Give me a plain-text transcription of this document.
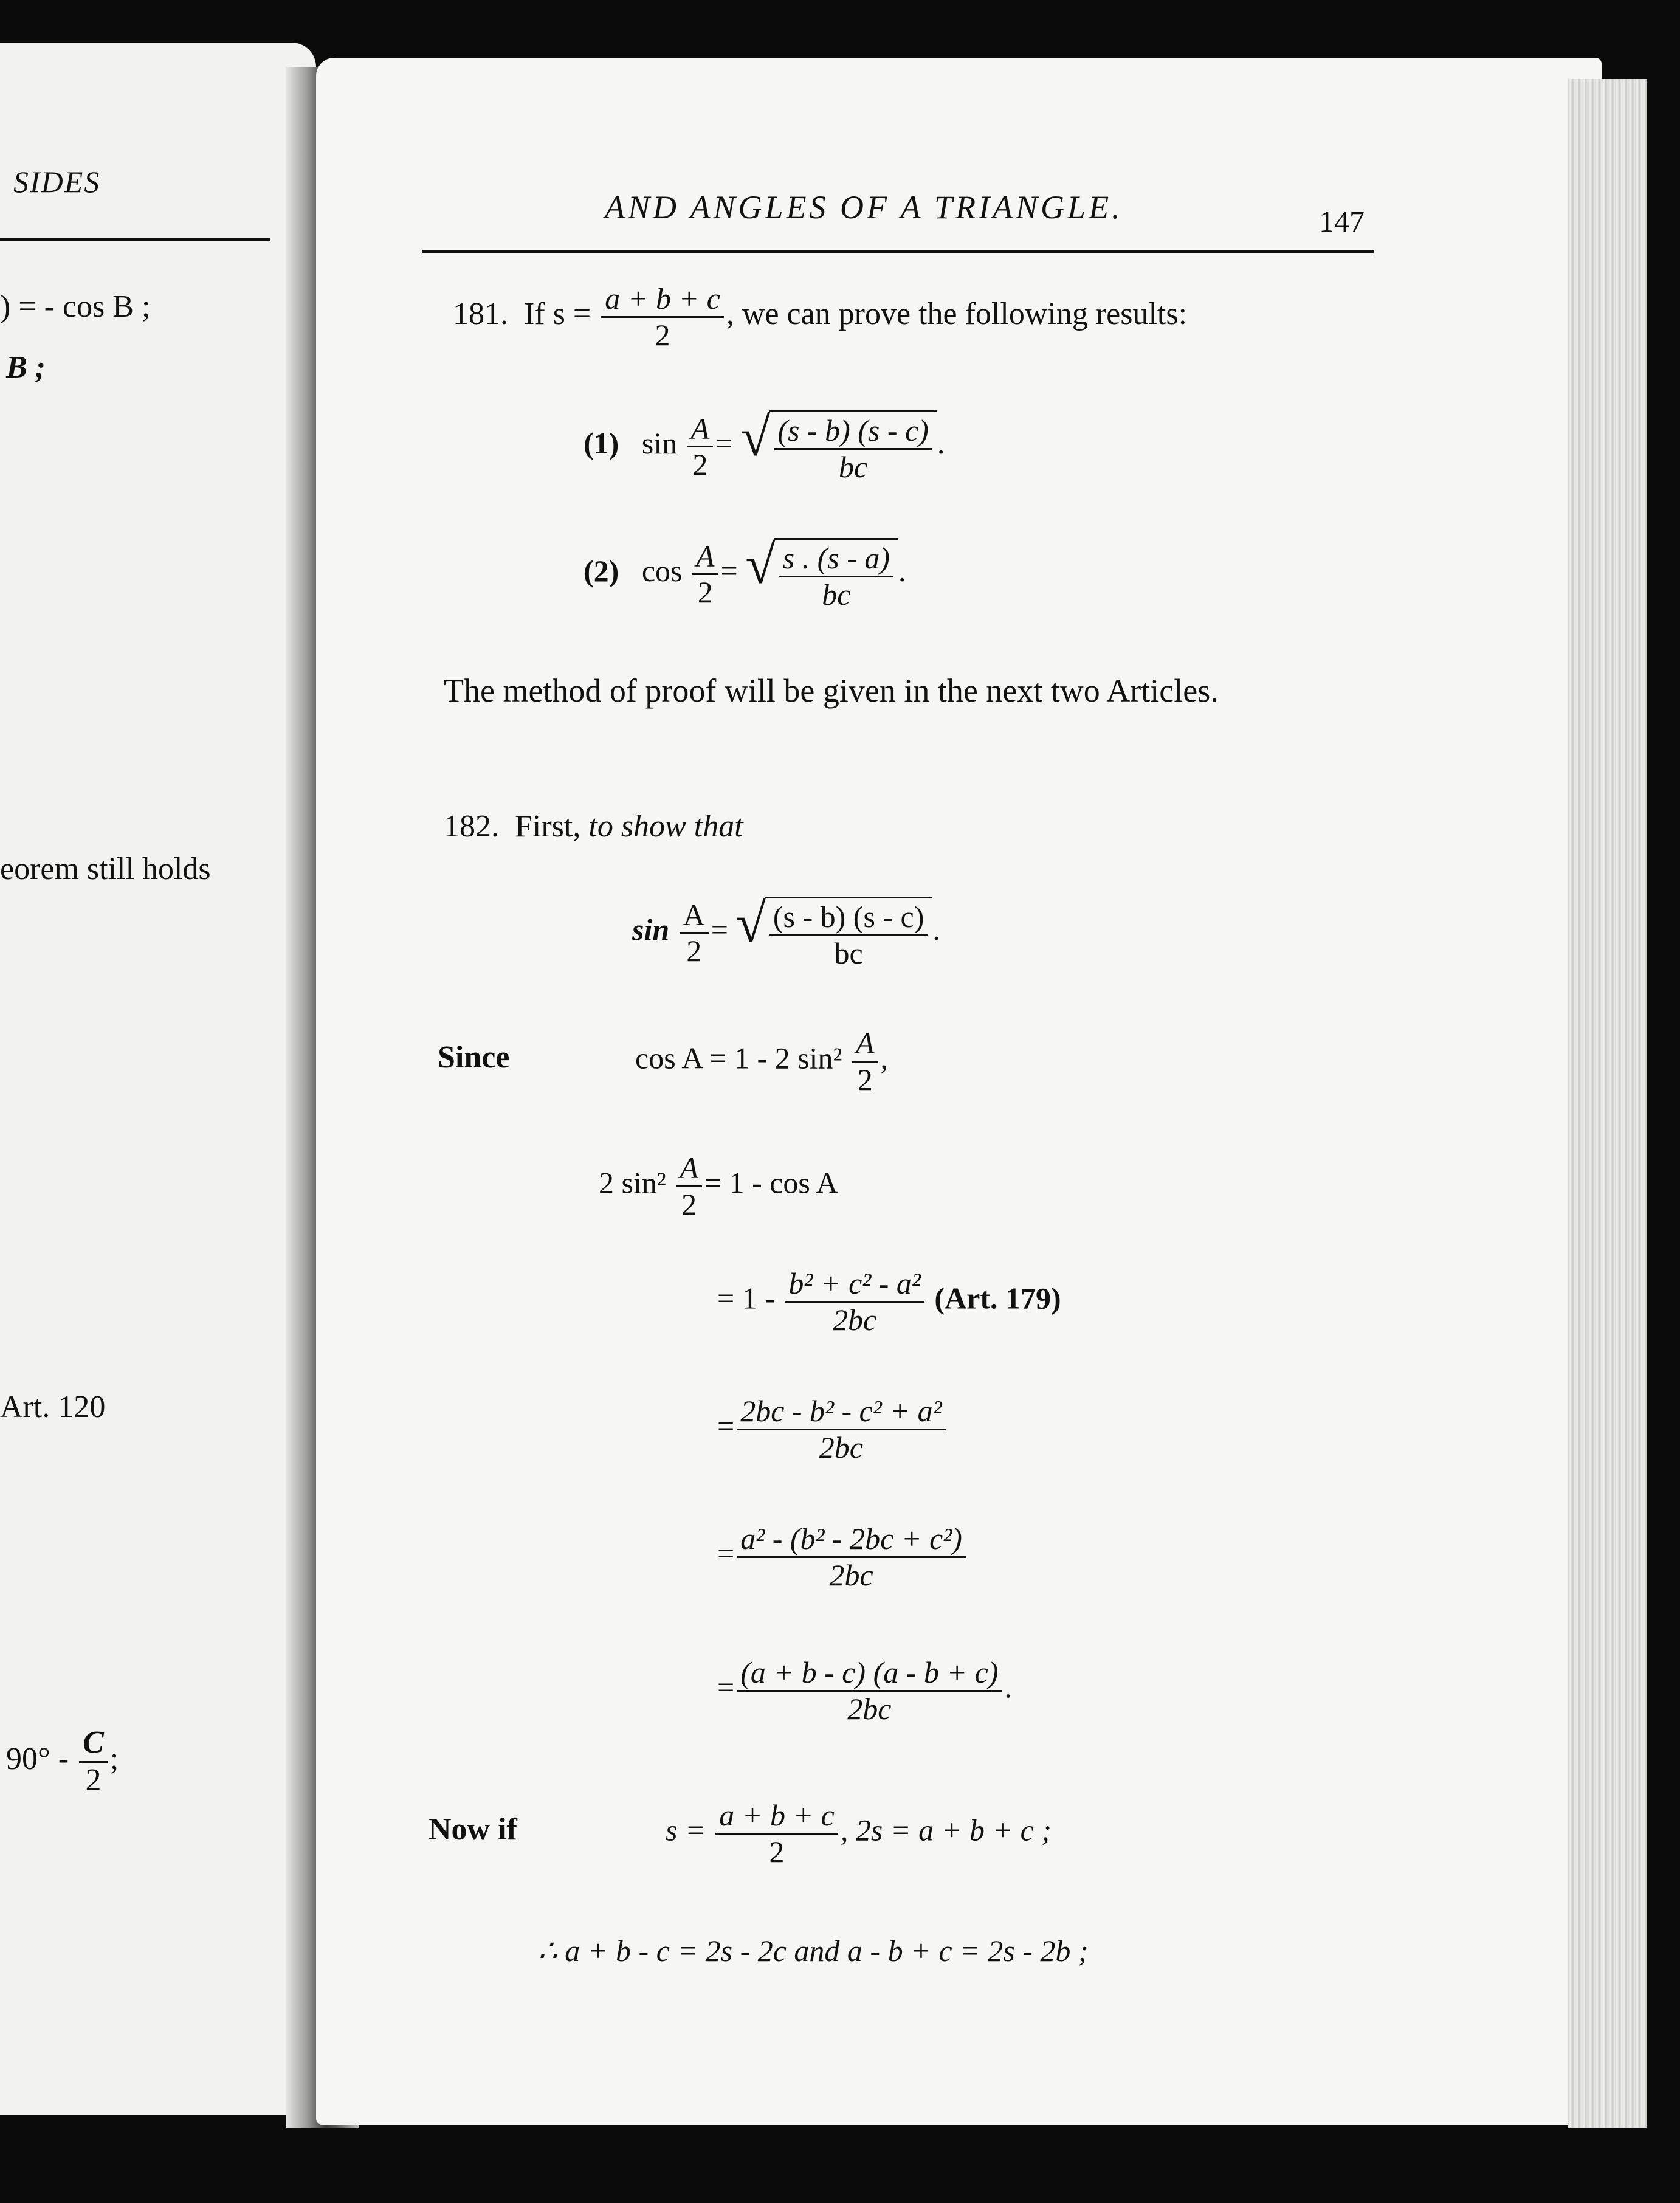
SIDES
) = - cos B ;
B ;
eorem still holds
Art. 120
$90^\circ - \frac{C}{2}$ ;
AND ANGLES OF A TRIANGLE.	147
181. If $s = \frac{a + b + c}{2}$ , we can prove the following results:
(1) $\sin \frac{A}{2}$ = √ $\frac{(s - b) (s - c)}{bc}$ .
(2) $\cos \frac{A}{2}$ = √ $\frac{s . (s - a)}{bc}$ .
The method of proof will be given in the next two Articles.
182. First, to show that
$\sin \frac{A}{2}$ = √ $\frac{(s - b) (s - c)}{bc}$ .
Since	cos A = 1 - 2 $\sin^2 \frac{A}{2}$ ,
2 $\sin^2 \frac{A}{2} = 1 - \cos A$
= $1 - \frac{\text{b² + c² - a²}}{2bc} (Art$. 179)
= $\frac{\text{2bc - b² - c² + a²}}{2bc}$
= $\frac{\text{a² - (b² - 2bc + c²)}}{2bc}$
= $\frac{(a + b - c) (a - b + c)}{2bc}$ .
Now if	$s = \frac{a + b + c}{2}$ , 2s = a + b + c ;
∴ a + b - c = 2s - 2c and a - b + c = 2s - 2b ;
